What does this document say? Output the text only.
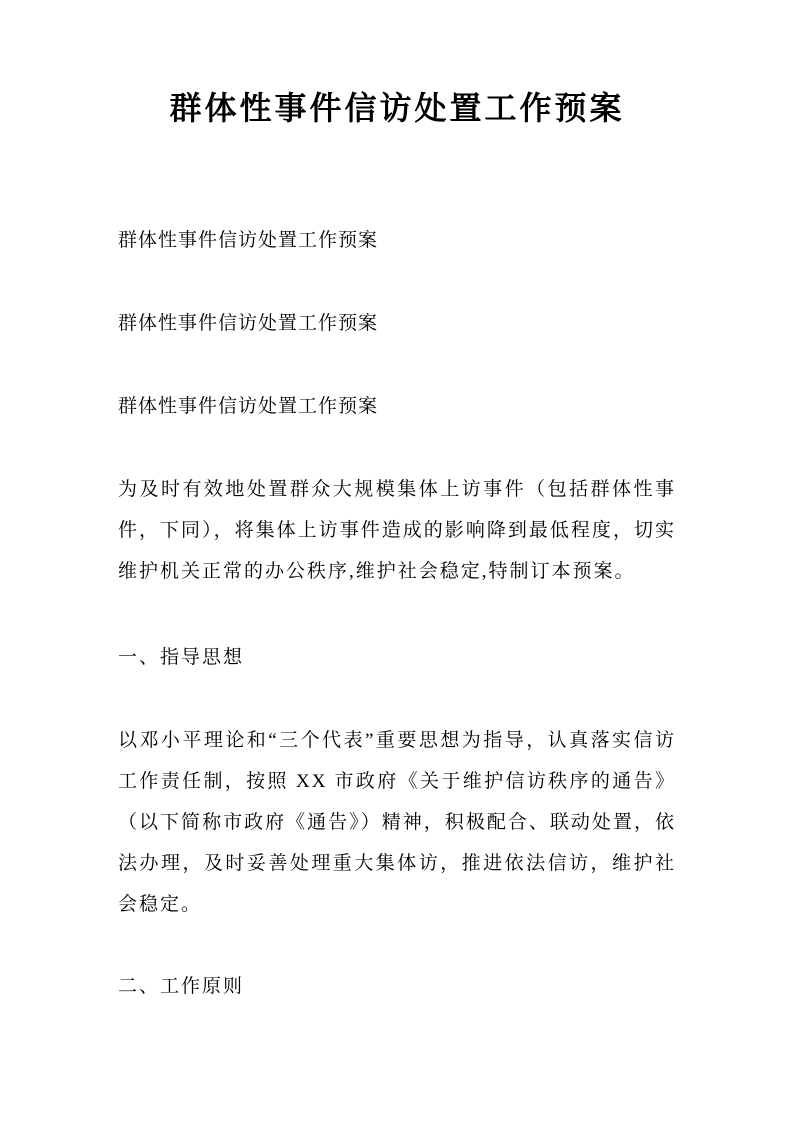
群体性事件信访处置工作预案

群体性事件信访处置工作预案

群体性事件信访处置工作预案

群体性事件信访处置工作预案

为及时有效地处置群众大规模集体上访事件（包括群体性事件，下同），将集体上访事件造成的影响降到最低程度，切实维护机关正常的办公秩序,维护社会稳定,特制订本预案。

一、指导思想

以邓小平理论和“三个代表”重要思想为指导，认真落实信访工作责任制，按照 XX 市政府《关于维护信访秩序的通告》（以下简称市政府《通告》）精神，积极配合、联动处置，依法办理，及时妥善处理重大集体访，推进依法信访，维护社会稳定。

二、工作原则
